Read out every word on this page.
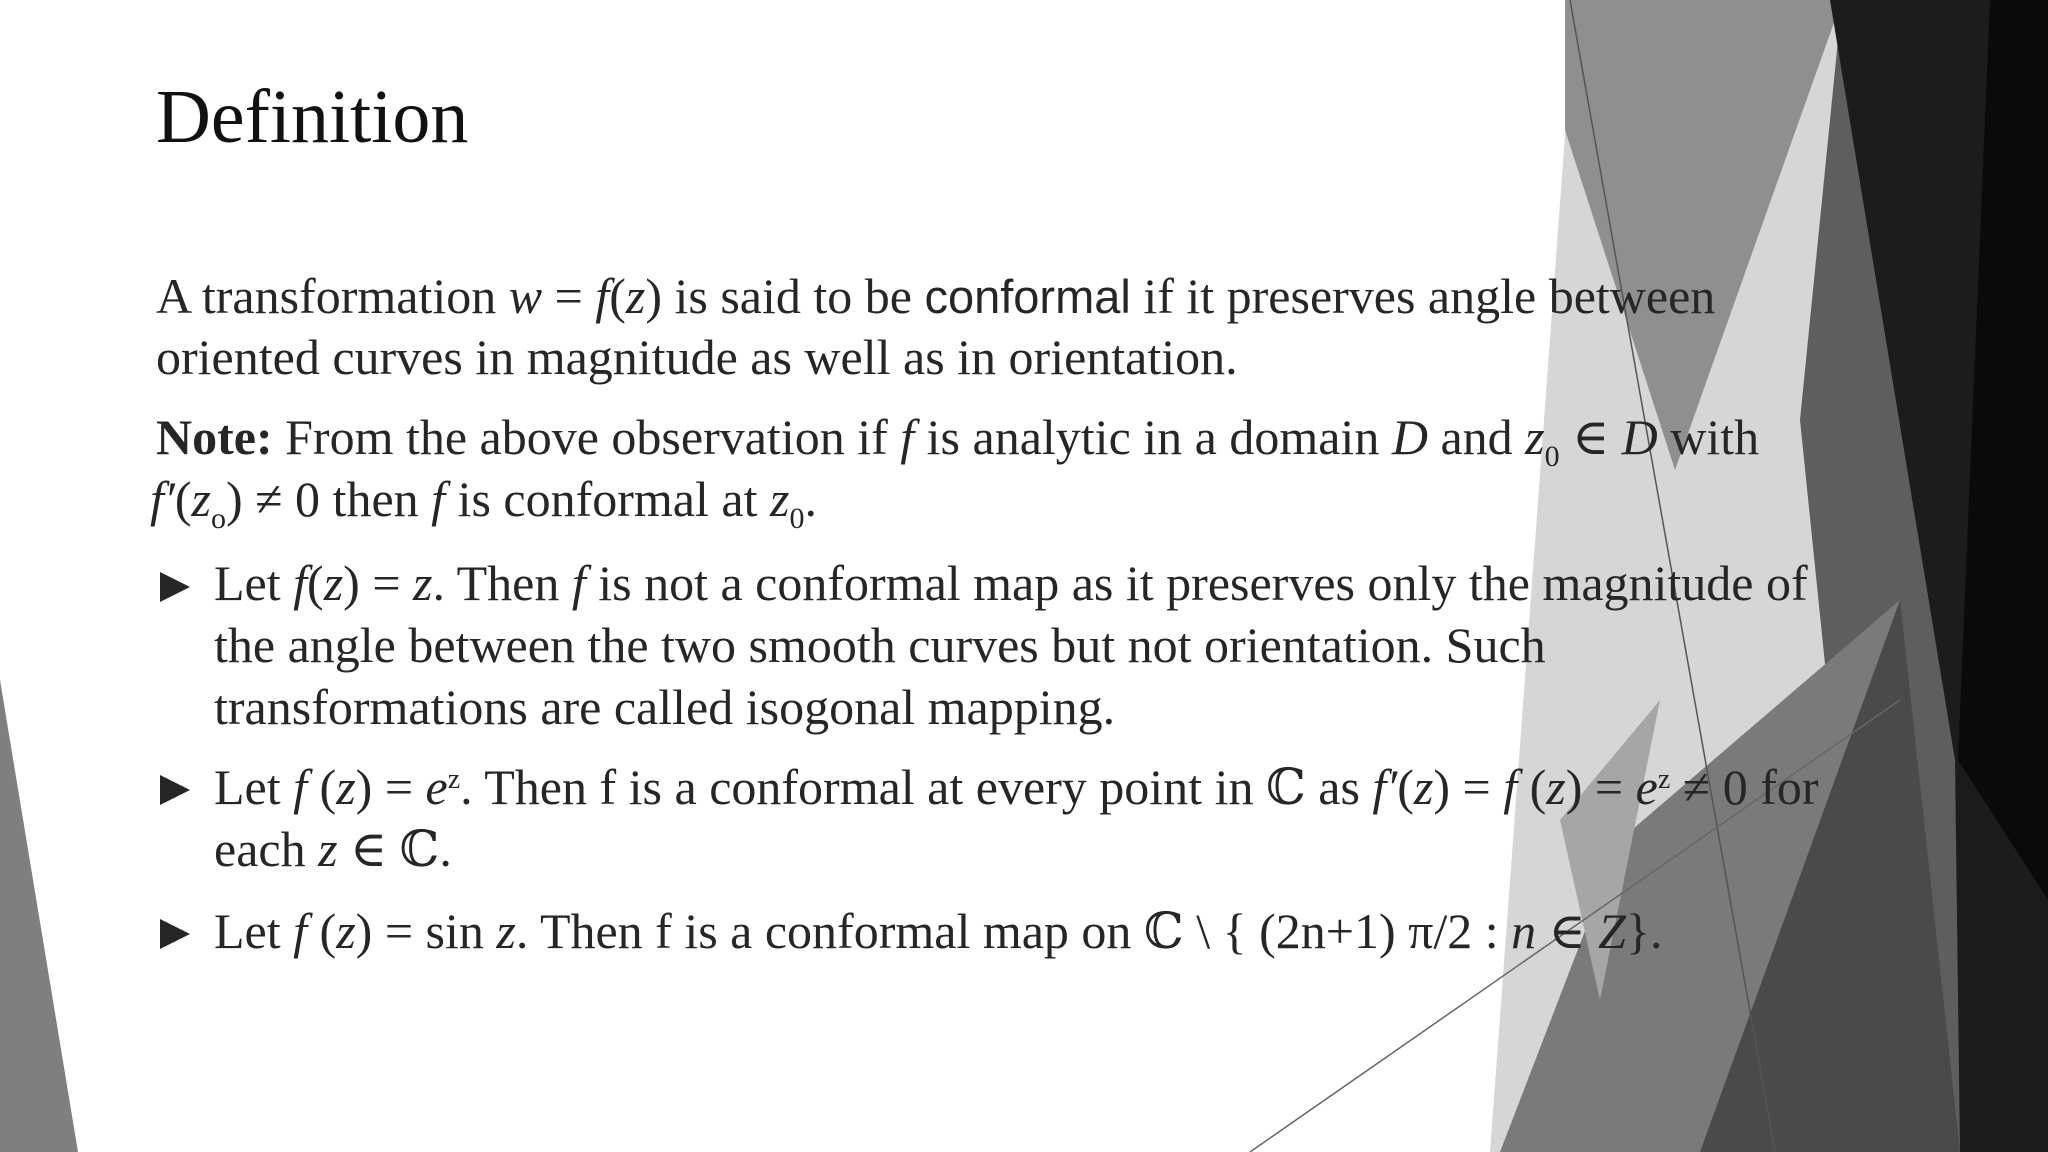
Definition
A transformation w = f(z) is said to be conformal if it preserves angle between
oriented curves in magnitude as well as in orientation.
Note: From the above observation if f is analytic in a domain D and $z_0$ ∈ D with
$f'(z_o) \ne 0$ then f is conformal at $z_0$.
Let f(z) = z. Then f is not a conformal map as it preserves only the magnitude of
the angle between the two smooth curves but not orientation. Such
transformations are called isogonal mapping.
Let f $(z) = e^z$. Then f is a conformal at every point in ℂ as f′(z) = f $(z) = e^z \ne 0$ for
each z ∈ ℂ.
Let f (z) = sin z. Then f is a conformal map on ℂ \ { (2n+1) π/2 : n ∈ Z}.
